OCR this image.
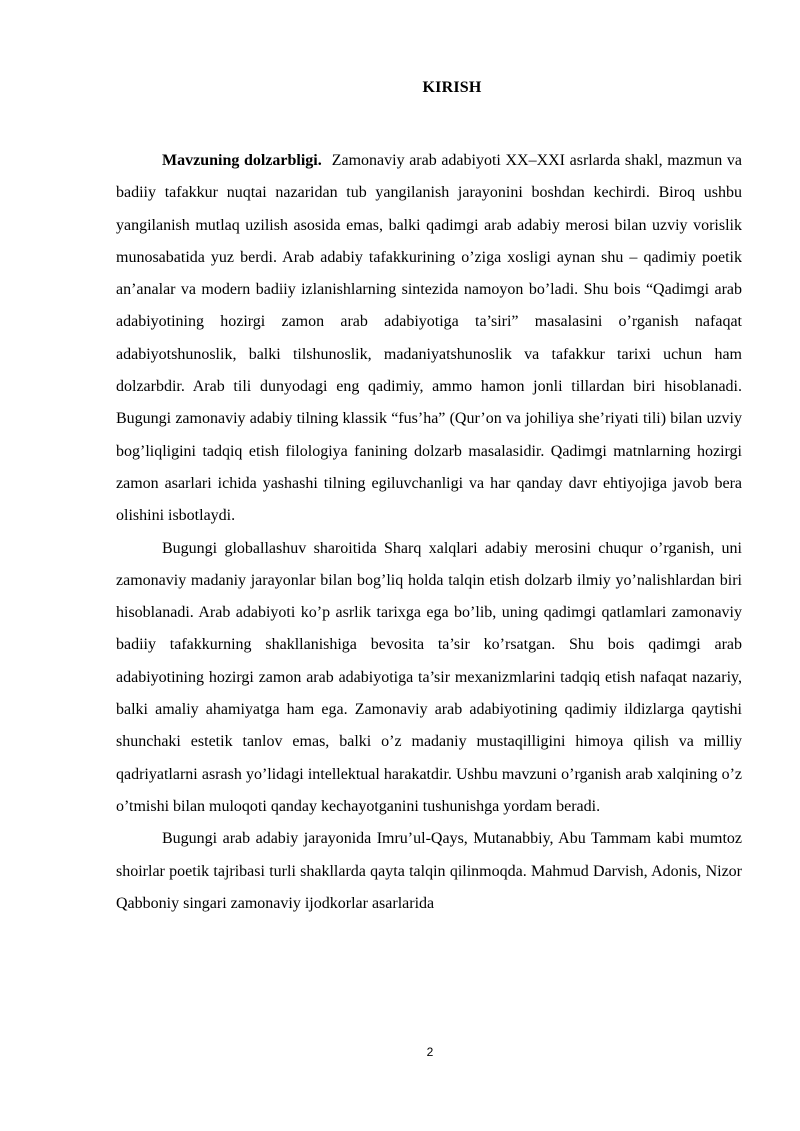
KIRISH

Mavzuning dolzarbligi. Zamonaviy arab adabiyoti XX–XXI asrlarda shakl, mazmun va badiiy tafakkur nuqtai nazaridan tub yangilanish jarayonini boshdan kechirdi. Biroq ushbu yangilanish mutlaq uzilish asosida emas, balki qadimgi arab adabiy merosi bilan uzviy vorislik munosabatida yuz berdi. Arab adabiy tafakkurining o’ziga xosligi aynan shu – qadimiy poetik an’analar va modern badiiy izlanishlarning sintezida namoyon bo’ladi. Shu bois “Qadimgi arab adabiyotining hozirgi zamon arab adabiyotiga ta’siri” masalasini o’rganish nafaqat adabiyotshunoslik, balki tilshunoslik, madaniyatshunoslik va tafakkur tarixi uchun ham dolzarbdir. Arab tili dunyodagi eng qadimiy, ammo hamon jonli tillardan biri hisoblanadi. Bugungi zamonaviy adabiy tilning klassik “fus’ha” (Qur’on va johiliya she’riyati tili) bilan uzviy bog’liqligini tadqiq etish filologiya fanining dolzarb masalasidir. Qadimgi matnlarning hozirgi zamon asarlari ichida yashashi tilning egiluvchanligi va har qanday davr ehtiyojiga javob bera olishini isbotlaydi.

Bugungi globallashuv sharoitida Sharq xalqlari adabiy merosini chuqur o’rganish, uni zamonaviy madaniy jarayonlar bilan bog’liq holda talqin etish dolzarb ilmiy yo’nalishlardan biri hisoblanadi. Arab adabiyoti ko’p asrlik tarixga ega bo’lib, uning qadimgi qatlamlari zamonaviy badiiy tafakkurning shakllanishiga bevosita ta’sir ko’rsatgan. Shu bois qadimgi arab adabiyotining hozirgi zamon arab adabiyotiga ta’sir mexanizmlarini tadqiq etish nafaqat nazariy, balki amaliy ahamiyatga ham ega. Zamonaviy arab adabiyotining qadimiy ildizlarga qaytishi shunchaki estetik tanlov emas, balki o’z madaniy mustaqilligini himoya qilish va milliy qadriyatlarni asrash yo’lidagi intellektual harakatdir. Ushbu mavzuni o’rganish arab xalqining o’z o’tmishi bilan muloqoti qanday kechayotganini tushunishga yordam beradi.

Bugungi arab adabiy jarayonida Imru’ul-Qays, Mutanabbiy, Abu Tammam kabi mumtoz shoirlar poetik tajribasi turli shakllarda qayta talqin qilinmoqda. Mahmud Darvish, Adonis, Nizor Qabboniy singari zamonaviy ijodkorlar asarlarida

2
